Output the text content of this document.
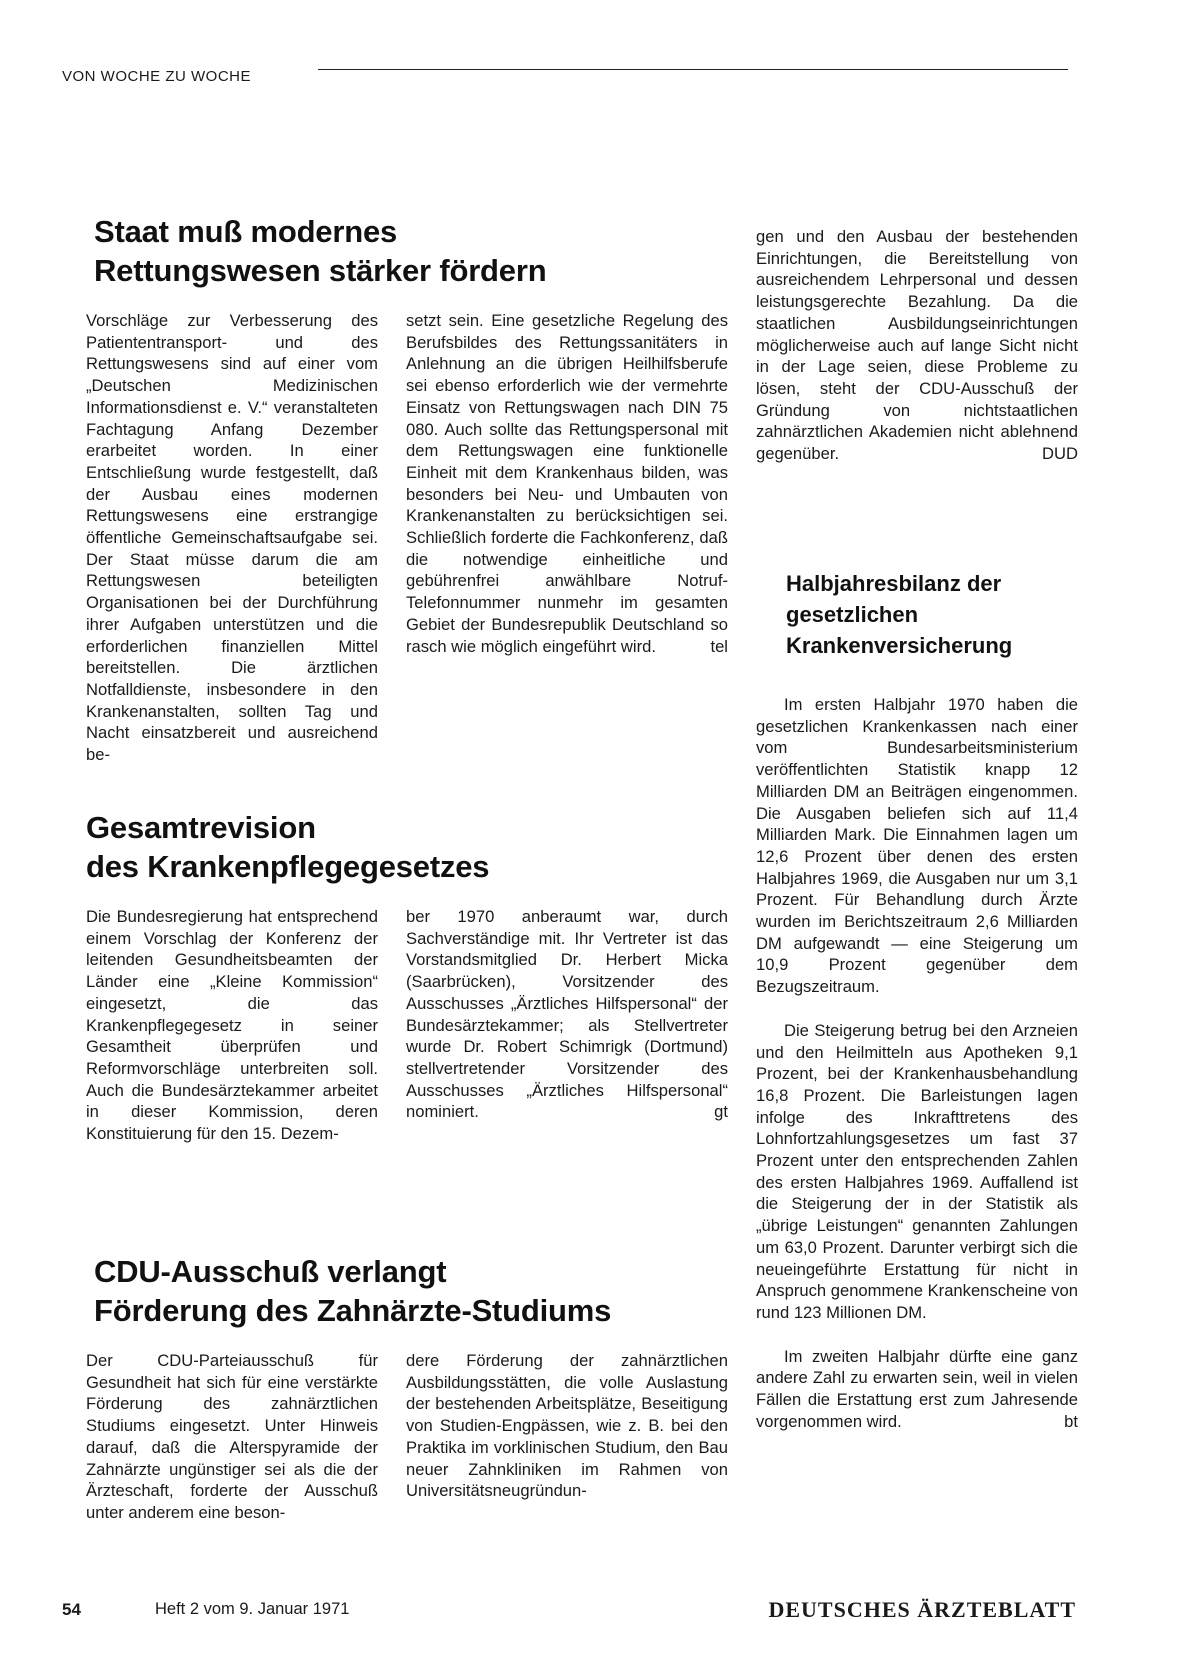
VON WOCHE ZU WOCHE
Staat muß modernes
Rettungswesen stärker fördern

Vorschläge zur Verbesserung des Patiententransport- und des Rettungswesens sind auf einer vom „Deutschen Medizinischen Informationsdienst e. V.“ veranstalteten Fachtagung Anfang Dezember erarbeitet worden. In einer Entschließung wurde festgestellt, daß der Ausbau eines modernen Rettungswesens eine erstrangige öffentliche Gemeinschaftsaufgabe sei. Der Staat müsse darum die am Rettungswesen beteiligten Organisationen bei der Durchführung ihrer Aufgaben unterstützen und die erforderlichen finanziellen Mittel bereitstellen. Die ärztlichen Notfalldienste, insbesondere in den Krankenanstalten, sollten Tag und Nacht einsatzbereit und ausreichend be-

setzt sein. Eine gesetzliche Regelung des Berufsbildes des Rettungssanitäters in Anlehnung an die übrigen Heilhilfsberufe sei ebenso erforderlich wie der vermehrte Einsatz von Rettungswagen nach DIN 75 080. Auch sollte das Rettungspersonal mit dem Rettungswagen eine funktionelle Einheit mit dem Krankenhaus bilden, was besonders bei Neu- und Umbauten von Krankenanstalten zu berücksichtigen sei. Schließlich forderte die Fachkonferenz, daß die notwendige einheitliche und gebührenfrei anwählbare Notruf-Telefonnummer nunmehr im gesamten Gebiet der Bundesrepublik Deutschland so rasch wie möglich eingeführt wird.	tel

Gesamtrevision
des Krankenpflegegesetzes

Die Bundesregierung hat entsprechend einem Vorschlag der Konferenz der leitenden Gesundheitsbeamten der Länder eine „Kleine Kommission“ eingesetzt, die das Krankenpflegegesetz in seiner Gesamtheit überprüfen und Reformvorschläge unterbreiten soll. Auch die Bundesärztekammer arbeitet in dieser Kommission, deren Konstituierung für den 15. Dezem-

ber 1970 anberaumt war, durch Sachverständige mit. Ihr Vertreter ist das Vorstandsmitglied Dr. Herbert Micka (Saarbrücken), Vorsitzender des Ausschusses „Ärztliches Hilfspersonal“ der Bundesärztekammer; als Stellvertreter wurde Dr. Robert Schimrigk (Dortmund) stellvertretender Vorsitzender des Ausschusses „Ärztliches Hilfspersonal“ nominiert.	gt

CDU-Ausschuß verlangt
Förderung des Zahnärzte-Studiums

Der CDU-Parteiausschuß für Gesundheit hat sich für eine verstärkte Förderung des zahnärztlichen Studiums eingesetzt. Unter Hinweis darauf, daß die Alterspyramide der Zahnärzte ungünstiger sei als die der Ärzteschaft, forderte der Ausschuß unter anderem eine beson-

dere Förderung der zahnärztlichen Ausbildungsstätten, die volle Auslastung der bestehenden Arbeitsplätze, Beseitigung von Studien-Engpässen, wie z. B. bei den Praktika im vorklinischen Studium, den Bau neuer Zahnkliniken im Rahmen von Universitätsneugründun-

gen und den Ausbau der bestehenden Einrichtungen, die Bereitstellung von ausreichendem Lehrpersonal und dessen leistungsgerechte Bezahlung. Da die staatlichen Ausbildungseinrichtungen möglicherweise auch auf lange Sicht nicht in der Lage seien, diese Probleme zu lösen, steht der CDU-Ausschuß der Gründung von nichtstaatlichen zahnärztlichen Akademien nicht ablehnend gegenüber.	DUD

Halbjahresbilanz der
gesetzlichen
Krankenversicherung

Im ersten Halbjahr 1970 haben die gesetzlichen Krankenkassen nach einer vom Bundesarbeitsministerium veröffentlichten Statistik knapp 12 Milliarden DM an Beiträgen eingenommen. Die Ausgaben beliefen sich auf 11,4 Milliarden Mark. Die Einnahmen lagen um 12,6 Prozent über denen des ersten Halbjahres 1969, die Ausgaben nur um 3,1 Prozent. Für Behandlung durch Ärzte wurden im Berichtszeitraum 2,6 Milliarden DM aufgewandt — eine Steigerung um 10,9 Prozent gegenüber dem Bezugszeitraum.

Die Steigerung betrug bei den Arzneien und den Heilmitteln aus Apotheken 9,1 Prozent, bei der Krankenhausbehandlung 16,8 Prozent. Die Barleistungen lagen infolge des Inkrafttretens des Lohnfortzahlungsgesetzes um fast 37 Prozent unter den entsprechenden Zahlen des ersten Halbjahres 1969. Auffallend ist die Steigerung der in der Statistik als „übrige Leistungen“ genannten Zahlungen um 63,0 Prozent. Darunter verbirgt sich die neueingeführte Erstattung für nicht in Anspruch genommene Krankenscheine von rund 123 Millionen DM.

Im zweiten Halbjahr dürfte eine ganz andere Zahl zu erwarten sein, weil in vielen Fällen die Erstattung erst zum Jahresende vorgenommen wird.	bt

54	Heft 2 vom 9. Januar 1971	DEUTSCHES ÄRZTEBLATT
